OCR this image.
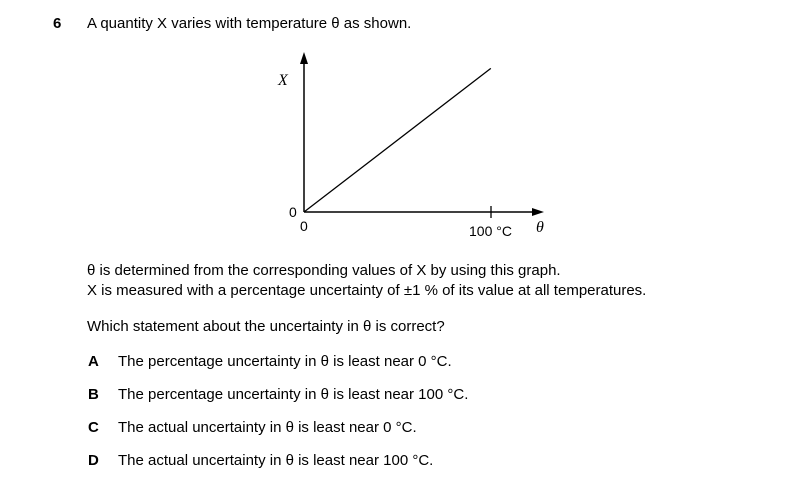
6 A quantity X varies with temperature θ as shown.
X
θ
0
0	100 °C
θ is determined from the corresponding values of X by using this graph.
X is measured with a percentage uncertainty of ±1 % of its value at all temperatures.
Which statement about the uncertainty in θ is correct?
A The percentage uncertainty in θ is least near 0 °C.
B The percentage uncertainty in θ is least near 100 °C.
C The actual uncertainty in θ is least near 0 °C.
D The actual uncertainty in θ is least near 100 °C.
